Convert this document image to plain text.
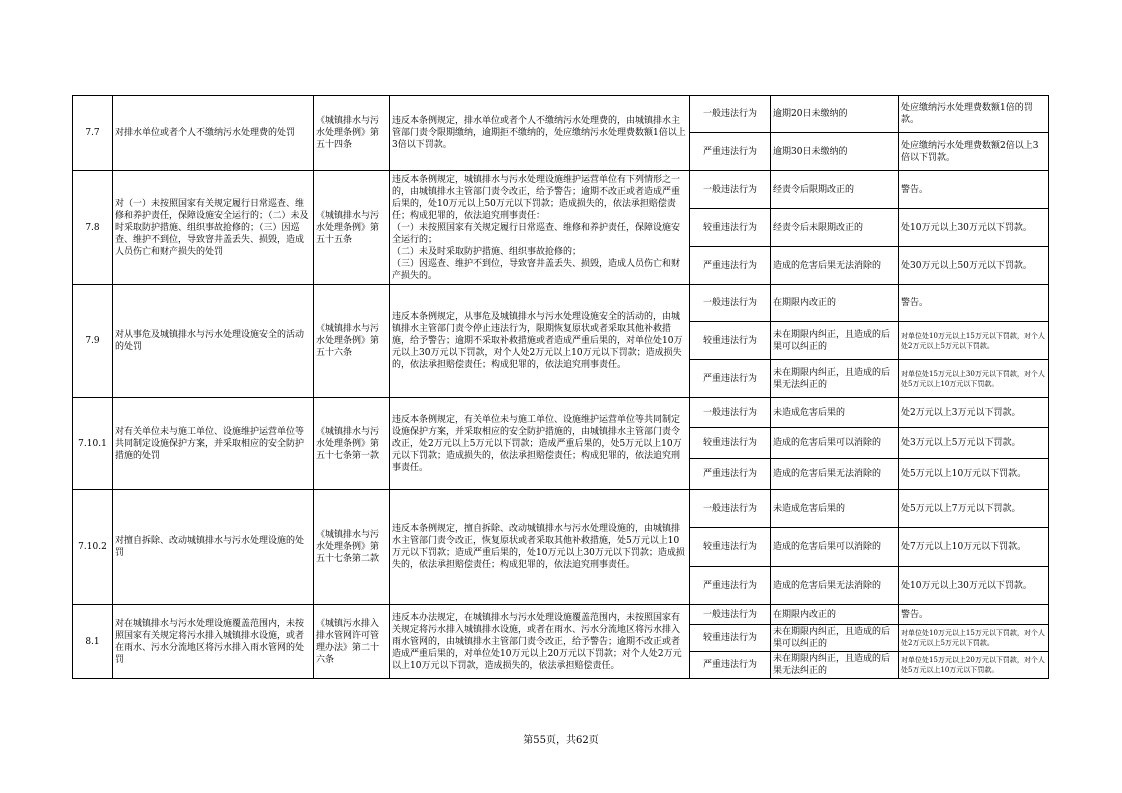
7.7	对排水单位或者个人不缴纳污水处理费的处罚	《城镇排水与污水处理条例》第五十四条	违反本条例规定，排水单位或者个人不缴纳污水处理费的，由城镇排水主管部门责令限期缴纳，逾期拒不缴纳的，处应缴纳污水处理费数额1倍以上3倍以下罚款。	一般违法行为	逾期20日未缴纳的	处应缴纳污水处理费数额1倍的罚款。
				严重违法行为	逾期30日未缴纳的	处应缴纳污水处理费数额2倍以上3倍以下罚款。
7.8	对（一）未按照国家有关规定履行日常巡查、维修和养护责任，保障设施安全运行的；（二）未及时采取防护措施、组织事故抢修的；（三）因巡查、维护不到位，导致窨井盖丢失、损毁，造成人员伤亡和财产损失的处罚	《城镇排水与污水处理条例》第五十五条	违反本条例规定，城镇排水与污水处理设施维护运营单位有下列情形之一的，由城镇排水主管部门责令改正，给予警告；逾期不改正或者造成严重后果的，处10万元以上50万元以下罚款；造成损失的，依法承担赔偿责任；构成犯罪的，依法追究刑事责任：
（一）未按照国家有关规定履行日常巡查、维修和养护责任，保障设施安全运行的；
（二）未及时采取防护措施、组织事故抢修的；
（三）因巡查、维护不到位，导致窨井盖丢失、损毁，造成人员伤亡和财产损失的。	一般违法行为	经责令后限期改正的	警告。
				较重违法行为	经责令后未限期改正的	处10万元以上30万元以下罚款。
				严重违法行为	造成的危害后果无法消除的	处30万元以上50万元以下罚款。
7.9	对从事危及城镇排水与污水处理设施安全的活动的处罚	《城镇排水与污水处理条例》第五十六条	违反本条例规定，从事危及城镇排水与污水处理设施安全的活动的，由城镇排水主管部门责令停止违法行为，限期恢复原状或者采取其他补救措施，给予警告；逾期不采取补救措施或者造成严重后果的，对单位处10万元以上30万元以下罚款，对个人处2万元以上10万元以下罚款；造成损失的，依法承担赔偿责任；构成犯罪的，依法追究刑事责任。	一般违法行为	在期限内改正的	警告。
				较重违法行为	未在期限内纠正，且造成的后果可以纠正的	对单位处10万元以上15万元以下罚款，对个人处2万元以上5万元以下罚款。
				严重违法行为	未在期限内纠正，且造成的后果无法纠正的	对单位处15万元以上30万元以下罚款，对个人处5万元以上10万元以下罚款。
7.10.1	对有关单位未与施工单位、设施维护运营单位等共同制定设施保护方案，并采取相应的安全防护措施的处罚	《城镇排水与污水处理条例》第五十七条第一款	违反本条例规定，有关单位未与施工单位、设施维护运营单位等共同制定设施保护方案，并采取相应的安全防护措施的，由城镇排水主管部门责令改正，处2万元以上5万元以下罚款；造成严重后果的，处5万元以上10万元以下罚款；造成损失的，依法承担赔偿责任；构成犯罪的，依法追究刑事责任。	一般违法行为	未造成危害后果的	处2万元以上3万元以下罚款。
				较重违法行为	造成的危害后果可以消除的	处3万元以上5万元以下罚款。
				严重违法行为	造成的危害后果无法消除的	处5万元以上10万元以下罚款。
7.10.2	对擅自拆除、改动城镇排水与污水处理设施的处罚	《城镇排水与污水处理条例》第五十七条第二款	违反本条例规定，擅自拆除、改动城镇排水与污水处理设施的，由城镇排水主管部门责令改正，恢复原状或者采取其他补救措施，处5万元以上10万元以下罚款；造成严重后果的，处10万元以上30万元以下罚款；造成损失的，依法承担赔偿责任；构成犯罪的，依法追究刑事责任。	一般违法行为	未造成危害后果的	处5万元以上7万元以下罚款。
				较重违法行为	造成的危害后果可以消除的	处7万元以上10万元以下罚款。
				严重违法行为	造成的危害后果无法消除的	处10万元以上30万元以下罚款。
8.1	对在城镇排水与污水处理设施覆盖范围内，未按照国家有关规定将污水排入城镇排水设施，或者在雨水、污水分流地区将污水排入雨水管网的处罚	《城镇污水排入排水管网许可管理办法》第二十六条	违反本办法规定，在城镇排水与污水处理设施覆盖范围内，未按照国家有关规定将污水排入城镇排水设施，或者在雨水、污水分流地区将污水排入雨水管网的，由城镇排水主管部门责令改正，给予警告；逾期不改正或者造成严重后果的，对单位处10万元以上20万元以下罚款；对个人处2万元以上10万元以下罚款，造成损失的，依法承担赔偿责任。	一般违法行为	在期限内改正的	警告。
				较重违法行为	未在期限内纠正，且造成的后果可以纠正的	对单位处10万元以上15万元以下罚款，对个人处2万元以上5万元以下罚款。
				严重违法行为	未在期限内纠正，且造成的后果无法纠正的	对单位处15万元以上20万元以下罚款，对个人处5万元以上10万元以下罚款。
第55页，共62页
